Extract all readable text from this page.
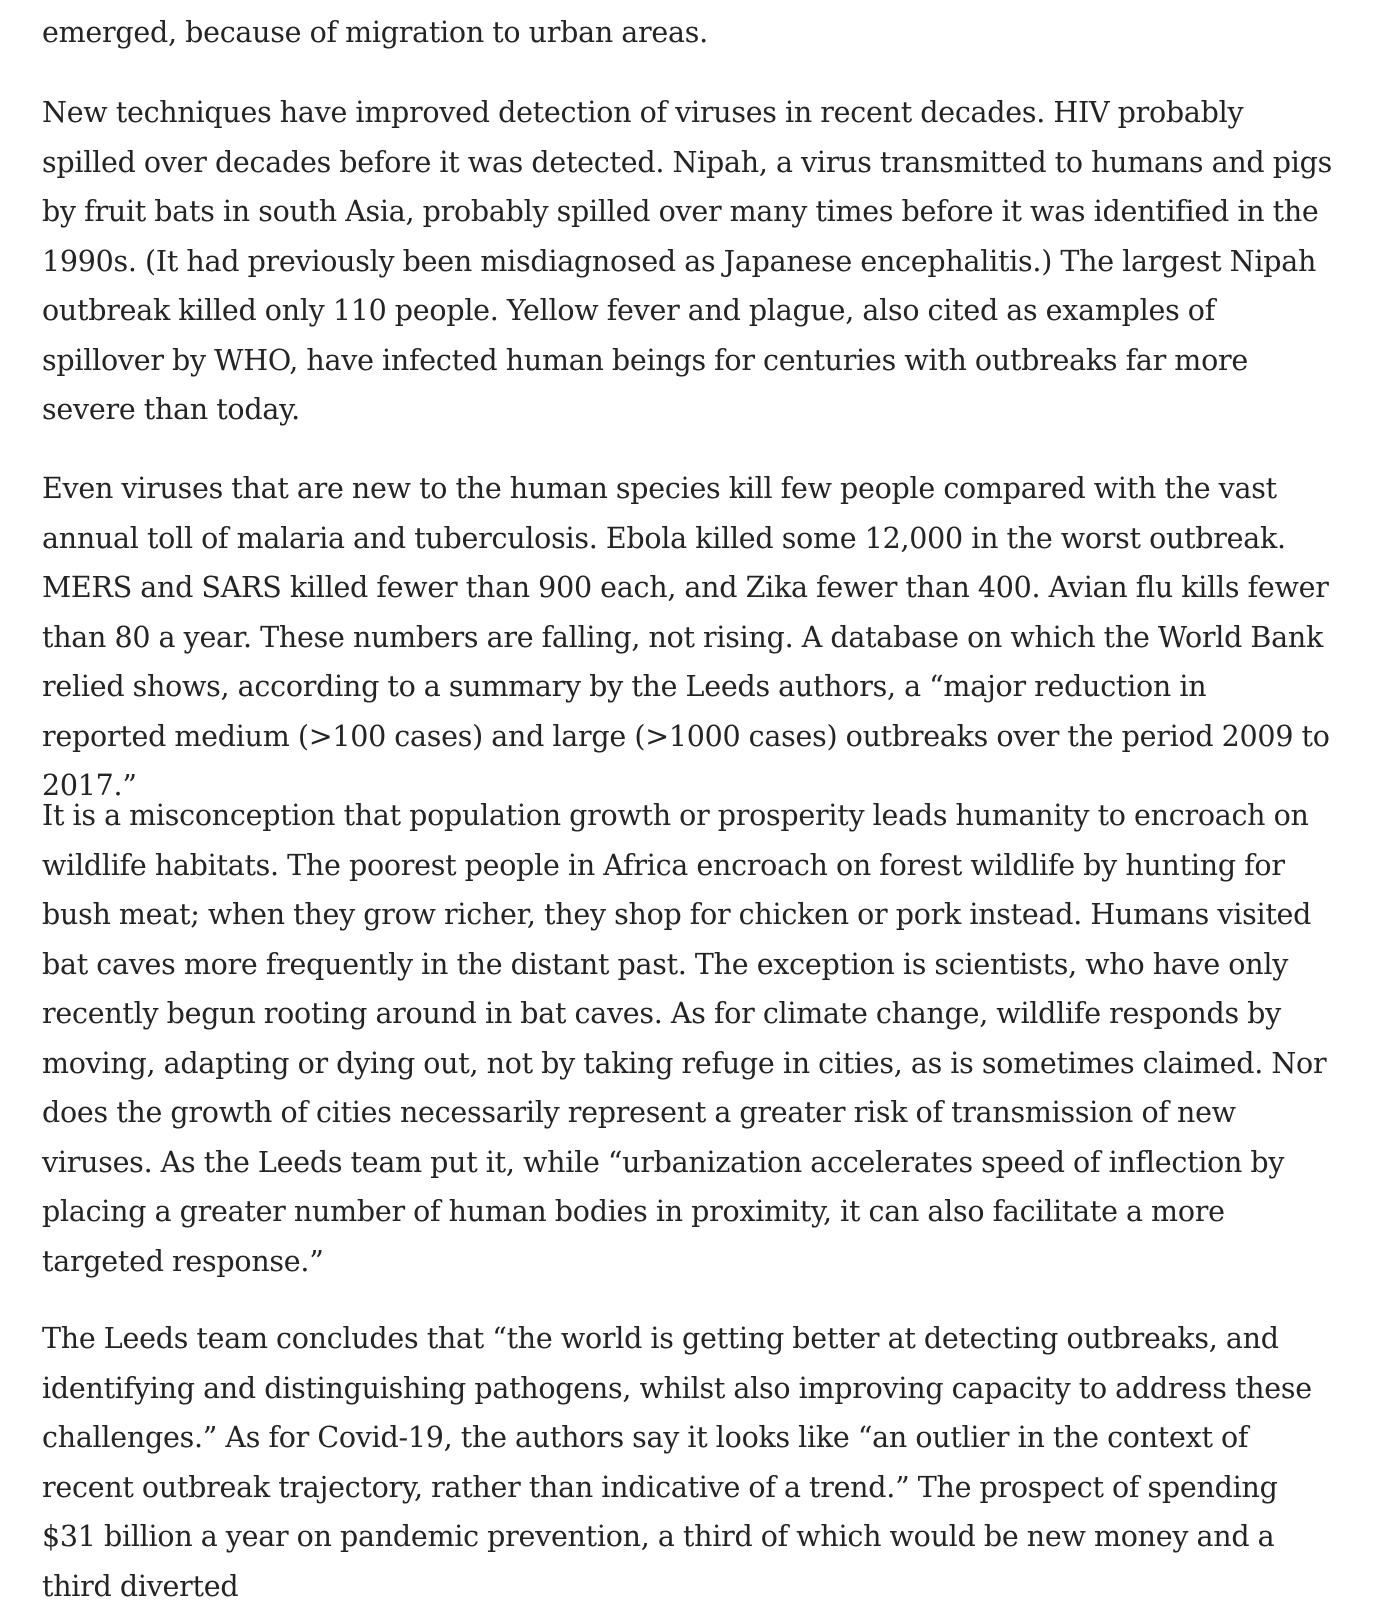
emerged, because of migration to urban areas.

New techniques have improved detection of viruses in recent decades. HIV probably spilled over decades before it was detected. Nipah, a virus transmitted to humans and pigs by fruit bats in south Asia, probably spilled over many times before it was identified in the 1990s. (It had previously been misdiagnosed as Japanese encephalitis.) The largest Nipah outbreak killed only 110 people. Yellow fever and plague, also cited as examples of spillover by WHO, have infected human beings for centuries with outbreaks far more severe than today.

Even viruses that are new to the human species kill few people compared with the vast annual toll of malaria and tuberculosis. Ebola killed some 12,000 in the worst outbreak. MERS and SARS killed fewer than 900 each, and Zika fewer than 400. Avian flu kills fewer than 80 a year. These numbers are falling, not rising. A database on which the World Bank relied shows, according to a summary by the Leeds authors, a “major reduction in reported medium (>100 cases) and large (>1000 cases) outbreaks over the period 2009 to 2017.”

It is a misconception that population growth or prosperity leads humanity to encroach on wildlife habitats. The poorest people in Africa encroach on forest wildlife by hunting for bush meat; when they grow richer, they shop for chicken or pork instead. Humans visited bat caves more frequently in the distant past. The exception is scientists, who have only recently begun rooting around in bat caves. As for climate change, wildlife responds by moving, adapting or dying out, not by taking refuge in cities, as is sometimes claimed. Nor does the growth of cities necessarily represent a greater risk of transmission of new viruses. As the Leeds team put it, while “urbanization accelerates speed of inflection by placing a greater number of human bodies in proximity, it can also facilitate a more targeted response.”

The Leeds team concludes that “the world is getting better at detecting outbreaks, and identifying and distinguishing pathogens, whilst also improving capacity to address these challenges.” As for Covid-19, the authors say it looks like “an outlier in the context of recent outbreak trajectory, rather than indicative of a trend.” The prospect of spending $31 billion a year on pandemic prevention, a third of which would be new money and a third diverted
